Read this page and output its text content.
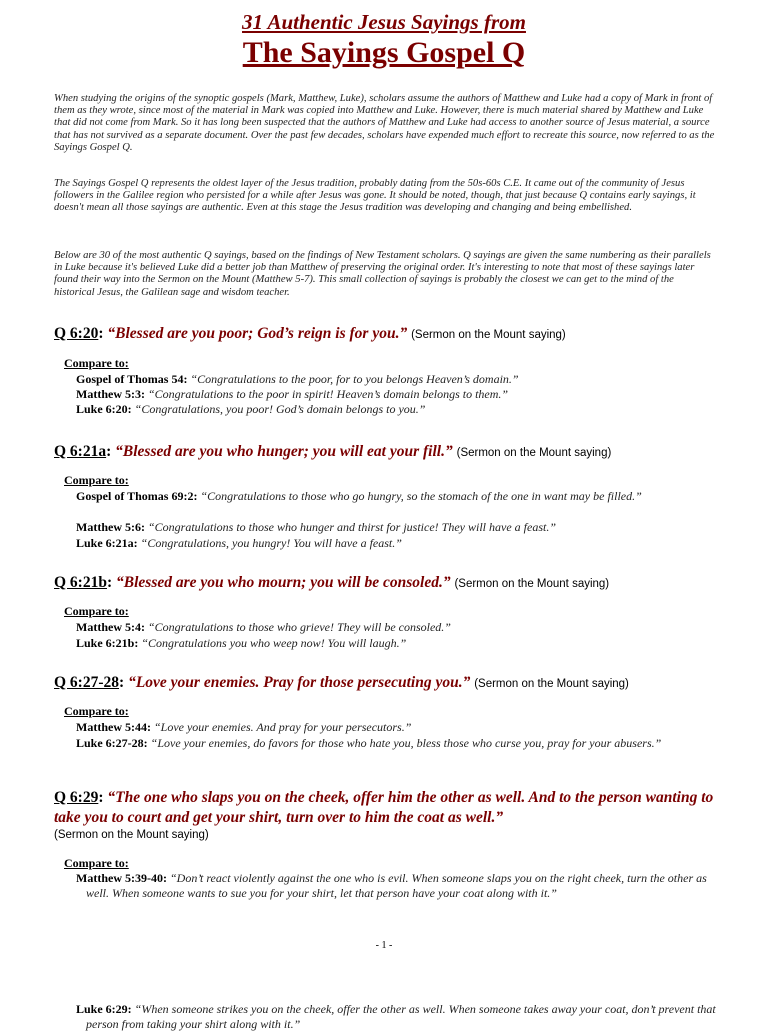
31 Authentic Jesus Sayings from
The Sayings Gospel Q

When studying the origins of the synoptic gospels (Mark, Matthew, Luke), scholars assume the authors of Matthew and Luke had a copy of Mark in front of them as they wrote, since most of the material in Mark was copied into Matthew and Luke. However, there is much material shared by Matthew and Luke that did not come from Mark. So it has long been suspected that the authors of Matthew and Luke had access to another source of Jesus material, a source that has not survived as a separate document. Over the past few decades, scholars have expended much effort to recreate this source, now referred to as the Sayings Gospel Q.

The Sayings Gospel Q represents the oldest layer of the Jesus tradition, probably dating from the 50s-60s C.E. It came out of the community of Jesus followers in the Galilee region who persisted for a while after Jesus was gone. It should be noted, though, that just because Q contains early sayings, it doesn't mean all those sayings are authentic. Even at this stage the Jesus tradition was developing and changing and being embellished.

Below are 30 of the most authentic Q sayings, based on the findings of New Testament scholars. Q sayings are given the same numbering as their parallels in Luke because it's believed Luke did a better job than Matthew of preserving the original order. It's interesting to note that most of these sayings later found their way into the Sermon on the Mount (Matthew 5-7). This small collection of sayings is probably the closest we can get to the mind of the historical Jesus, the Galilean sage and wisdom teacher.

Q 6:20: “Blessed are you poor; God’s reign is for you.” (Sermon on the Mount saying)

Compare to:

Gospel of Thomas 54: “Congratulations to the poor, for to you belongs Heaven’s domain.”

Matthew 5:3: “Congratulations to the poor in spirit! Heaven’s domain belongs to them.”

Luke 6:20: “Congratulations, you poor! God’s domain belongs to you.”

Q 6:21a: “Blessed are you who hunger; you will eat your fill.” (Sermon on the Mount saying)

Compare to:

Gospel of Thomas 69:2: “Congratulations to those who go hungry, so the stomach of the one in want may be filled.”

Matthew 5:6: “Congratulations to those who hunger and thirst for justice! They will have a feast.”

Luke 6:21a: “Congratulations, you hungry! You will have a feast.”

Q 6:21b: “Blessed are you who mourn; you will be consoled.” (Sermon on the Mount saying)

Compare to:

Matthew 5:4: “Congratulations to those who grieve! They will be consoled.”

Luke 6:21b: “Congratulations you who weep now! You will laugh.”

Q 6:27-28: “Love your enemies. Pray for those persecuting you.” (Sermon on the Mount saying)

Compare to:

Matthew 5:44: “Love your enemies. And pray for your persecutors.”

Luke 6:27-28: “Love your enemies, do favors for those who hate you, bless those who curse you, pray for your abusers.”

Q 6:29: “The one who slaps you on the cheek, offer him the other as well. And to the person wanting to take you to court and get your shirt, turn over to him the coat as well.”

(Sermon on the Mount saying)

Compare to:

Matthew 5:39-40: “Don’t react violently against the one who is evil. When someone slaps you on the right cheek, turn the other as well. When someone wants to sue you for your shirt, let that person have your coat along with it.”

- 1 -

Luke 6:29: “When someone strikes you on the cheek, offer the other as well. When someone takes away your coat, don’t prevent that person from taking your shirt along with it.”
